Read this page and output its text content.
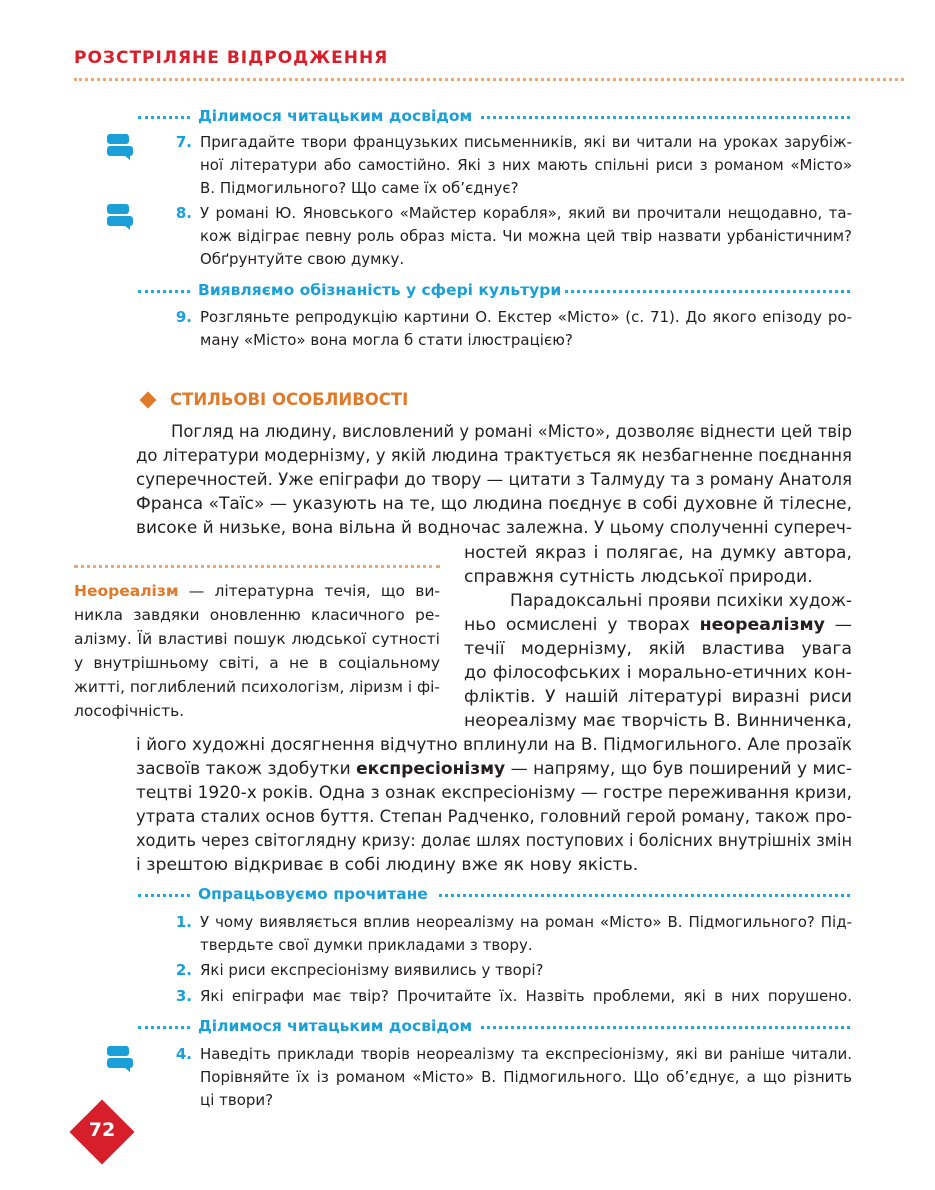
РОЗСТРІЛЯНЕ ВІДРОДЖЕННЯ
Ділимося читацьким досвідом
7. Пригадайте твори французьких письменників, які ви читали на уроках зарубіж-
ної літератури або самостійно. Які з них мають спільні риси з романом «Місто»
В. Підмогильного? Що саме їх об’єднує?
8. У романі Ю. Яновського «Майстер корабля», який ви прочитали нещодавно, та-
кож відіграє певну роль образ міста. Чи можна цей твір назвати урбаністичним?
Обґрунтуйте свою думку.
Виявляємо обізнаність у сфері культури
9. Розгляньте репродукцію картини О. Екстер «Місто» (с. 71). До якого епізоду ро-
ману «Місто» вона могла б стати ілюстрацією?
СТИЛЬОВІ ОСОБЛИВОСТІ
Погляд на людину, висловлений у романі «Місто», дозволяє віднести цей твір
до літератури модернізму, у якій людина трактується як незбагненне поєднання
суперечностей. Уже епіграфи до твору — цитати з Талмуду та з роману Анатоля
Франса «Таїс» — указують на те, що людина поєднує в собі духовне й тілесне,
високе й низьке, вона вільна й водночас залежна. У цьому сполученні супереч-
ностей якраз і полягає, на думку автора,
справжня сутність людської природи.
Парадоксальні прояви психіки худож-
ньо осмислені у творах неореалізму —
течії модернізму, якій властива увага
до філософських і морально-етичних кон-
фліктів. У нашій літературі виразні риси
неореалізму має творчість В. Винниченка,
і його художні досягнення відчутно вплинули на В. Підмогильного. Але прозаїк
засвоїв також здобутки експресіонізму — напряму, що був поширений у мис-
тецтві 1920-х років. Одна з ознак експресіонізму — гостре переживання кризи,
утрата сталих основ буття. Степан Радченко, головний герой роману, також про-
ходить через світоглядну кризу: долає шлях поступових і болісних внутрішніх змін
і зрештою відкриває в собі людину вже як нову якість.
Неореалізм — літературна течія, що ви-
никла завдяки оновленню класичного ре-
алізму. Їй властиві пошук людської сутності
у внутрішньому світі, а не в соціальному
житті, поглиблений психологізм, ліризм і фі-
лософічність.
Опрацьовуємо прочитане
1. У чому виявляється вплив неореалізму на роман «Місто» В. Підмогильного? Під-
твердьте свої думки прикладами з твору.
2. Які риси експресіонізму виявились у творі?
3. Які епіграфи має твір? Прочитайте їх. Назвіть проблеми, які в них порушено.
Ділимося читацьким досвідом
4. Наведіть приклади творів неореалізму та експресіонізму, які ви раніше читали.
Порівняйте їх із романом «Місто» В. Підмогильного. Що об’єднує, а що різнить
ці твори?
72
